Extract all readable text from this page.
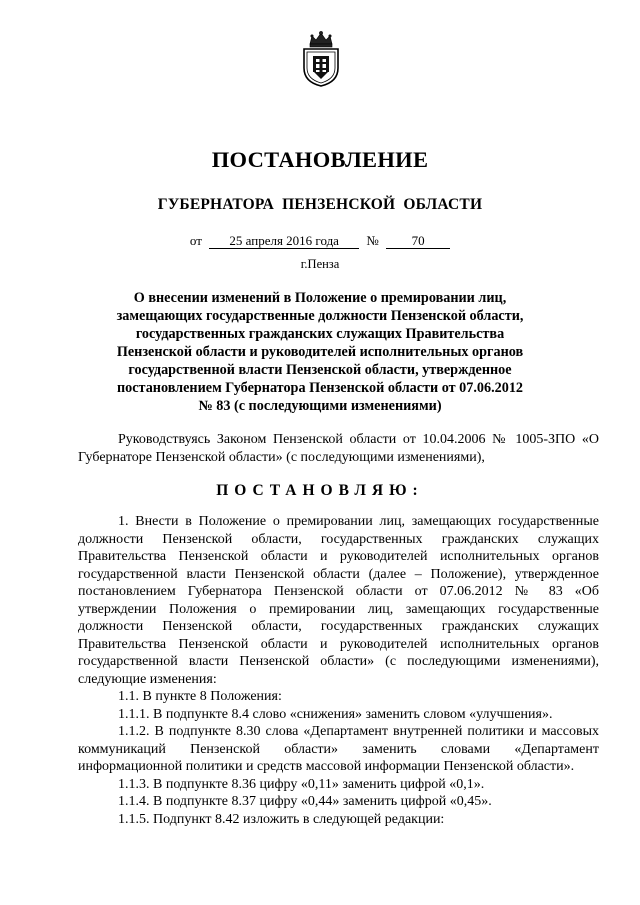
ПОСТАНОВЛЕНИЕ
ГУБЕРНАТОРА ПЕНЗЕНСКОЙ ОБЛАСТИ
от 25 апреля 2016 года №	70
г.Пенза
О внесении изменений в Положение о премировании лиц, замещающих государственные должности Пензенской области, государственных гражданских служащих Правительства Пензенской области и руководителей исполнительных органов государственной власти Пензенской области, утвержденное постановлением Губернатора Пензенской области от 07.06.2012 № 83 (с последующими изменениями)
Руководствуясь Законом Пензенской области от 10.04.2006 № 1005-ЗПО «О Губернаторе Пензенской области» (с последующими изменениями),
ПОСТАНОВЛЯЮ:

1. Внести в Положение о премировании лиц, замещающих государственные должности Пензенской области, государственных гражданских служащих Правительства Пензенской области и руководителей исполнительных органов государственной власти Пензенской области (далее – Положение), утвержденное постановлением Губернатора Пензенской области от 07.06.2012 № 83 «Об утверждении Положения о премировании лиц, замещающих государственные должности Пензенской области, государственных гражданских служащих Правительства Пензенской области и руководителей исполнительных органов государственной власти Пензенской области» (с последующими изменениями), следующие изменения:

1.1. В пункте 8 Положения:

1.1.1. В подпункте 8.4 слово «снижения» заменить словом «улучшения».

1.1.2. В подпункте 8.30 слова «Департамент внутренней политики и массовых коммуникаций Пензенской области» заменить словами «Департамент информационной политики и средств массовой информации Пензенской области».

1.1.3. В подпункте 8.36 цифру «0,11» заменить цифрой «0,1».

1.1.4. В подпункте 8.37 цифру «0,44» заменить цифрой «0,45».

1.1.5. Подпункт 8.42 изложить в следующей редакции:
